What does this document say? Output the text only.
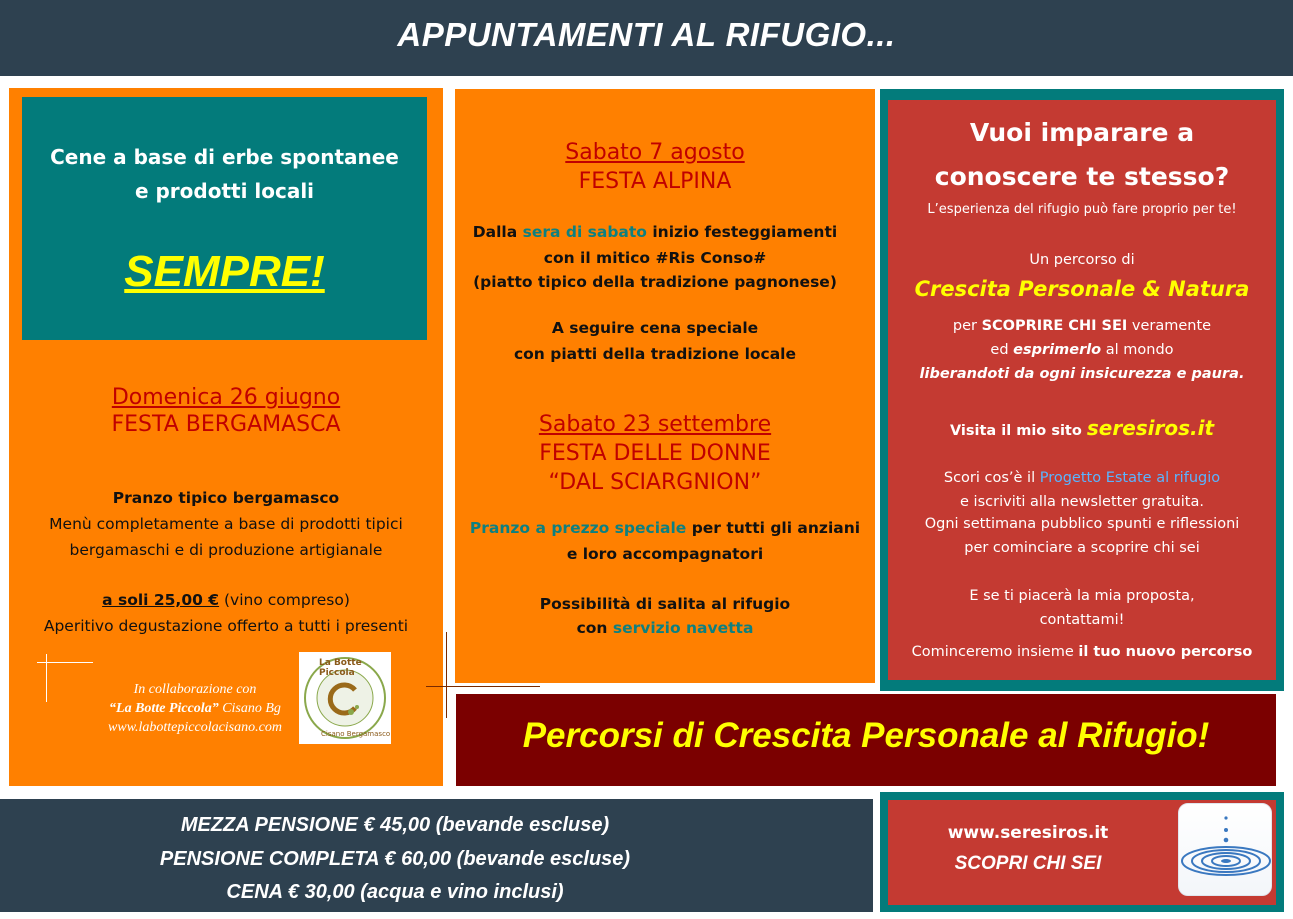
APPUNTAMENTI AL RIFUGIO...
Cene a base di erbe spontanee
e prodotti locali
SEMPRE!
Domenica 26 giugno
FESTA BERGAMASCA
Pranzo tipico bergamasco
Menù completamente a base di prodotti tipici
bergamaschi e di produzione artigianale
a soli 25,00 € (vino compreso)
Aperitivo degustazione offerto a tutti i presenti
In collaborazione con
“La Botte Piccola” Cisano Bg
www.labottepiccolacisano.com
La Botte Piccola
Cisano Bergamasco
Sabato 7 agosto
FESTA ALPINA
Dalla sera di sabato inizio festeggiamenti
con il mitico #Ris Conso#
(piatto tipico della tradizione pagnonese)
A seguire cena speciale
con piatti della tradizione locale
Sabato 23 settembre
FESTA DELLE DONNE
“DAL SCIARGNION”
Pranzo a prezzo speciale per tutti gli anziani
e loro accompagnatori
Possibilità di salita al rifugio
con servizio navetta
Vuoi imparare a
conoscere te stesso?
L’esperienza del rifugio può fare proprio per te!
Un percorso di
Crescita Personale & Natura
per SCOPRIRE CHI SEI veramente
ed esprimerlo al mondo
liberandoti da ogni insicurezza e paura.
Visita il mio sito seresiros.it
Scori cos’è il Progetto Estate al rifugio
e iscriviti alla newsletter gratuita.
Ogni settimana pubblico spunti e riflessioni
per cominciare a scoprire chi sei
E se ti piacerà la mia proposta,
contattami!
Cominceremo insieme il tuo nuovo percorso
Percorsi di Crescita Personale al Rifugio!
MEZZA PENSIONE € 45,00 (bevande escluse)
PENSIONE COMPLETA € 60,00 (bevande escluse)
CENA € 30,00 (acqua e vino inclusi)
www.seresiros.it
SCOPRI CHI SEI
